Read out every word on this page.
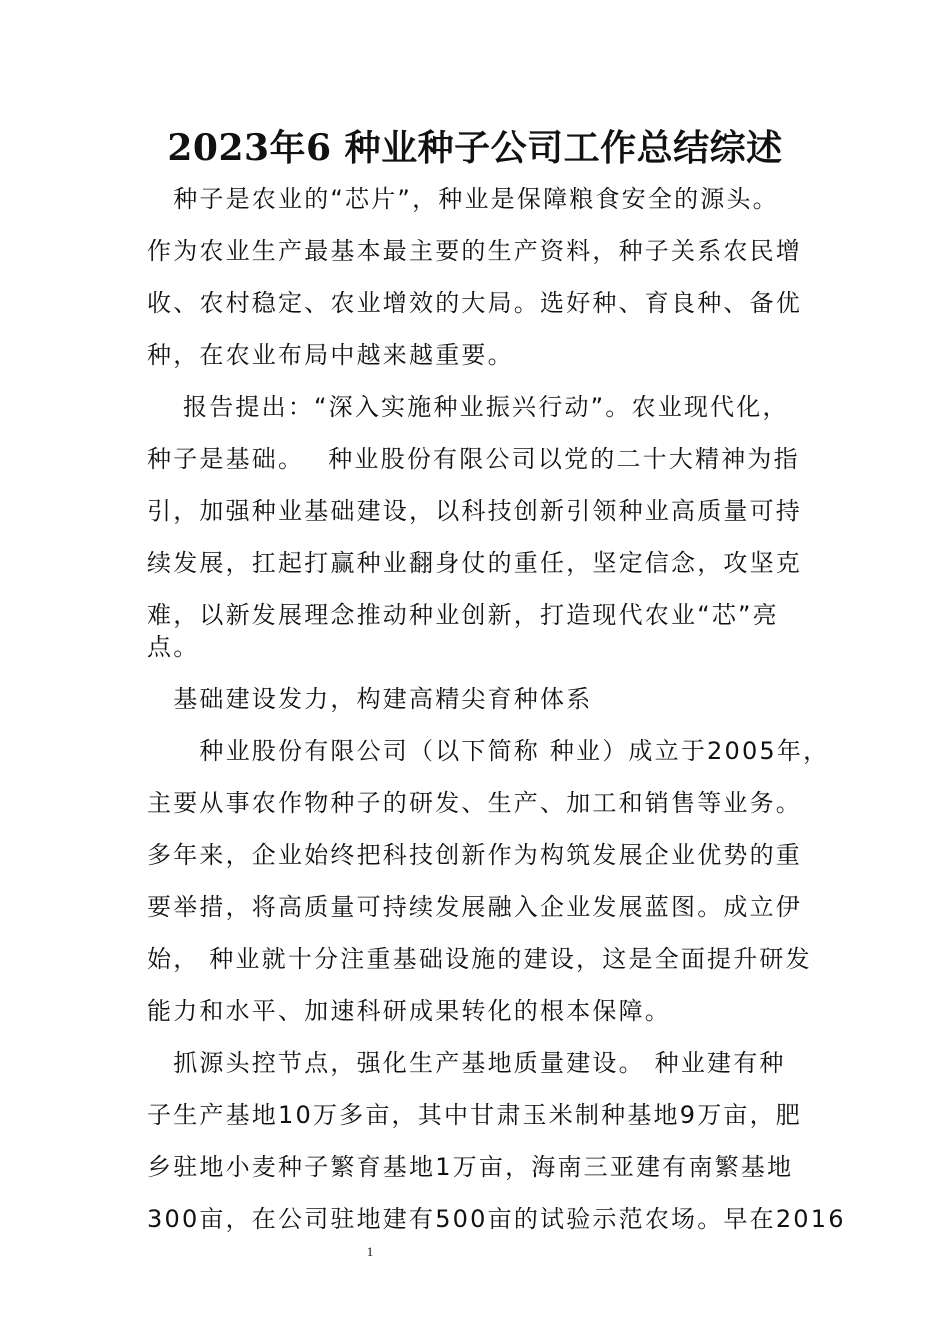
2023年6 种业种子公司工作总结综述
　种子是农业的“芯片”，种业是保障粮食安全的源头。
作为农业生产最基本最主要的生产资料，种子关系农民增
收、农村稳定、农业增效的大局。选好种、育良种、备优
种，在农业布局中越来越重要。
　 报告提出：“深入实施种业振兴行动”。农业现代化，
种子是基础。　 种业股份有限公司以党的二十大精神为指
引，加强种业基础建设，以科技创新引领种业高质量可持
续发展，扛起打赢种业翻身仗的重任，坚定信念，攻坚克
难，以新发展理念推动种业创新，打造现代农业“芯”亮
点。
　基础建设发力，构建高精尖育种体系
　　种业股份有限公司（以下简称 种业）成立于2005年，
主要从事农作物种子的研发、生产、加工和销售等业务。
多年来，企业始终把科技创新作为构筑发展企业优势的重
要举措，将高质量可持续发展融入企业发展蓝图。成立伊
始， 种业就十分注重基础设施的建设，这是全面提升研发
能力和水平、加速科研成果转化的根本保障。
　抓源头控节点，强化生产基地质量建设。 种业建有种
子生产基地10万多亩，其中甘肃玉米制种基地9万亩，肥
乡驻地小麦种子繁育基地1万亩，海南三亚建有南繁基地
300亩，在公司驻地建有500亩的试验示范农场。早在2016
1
